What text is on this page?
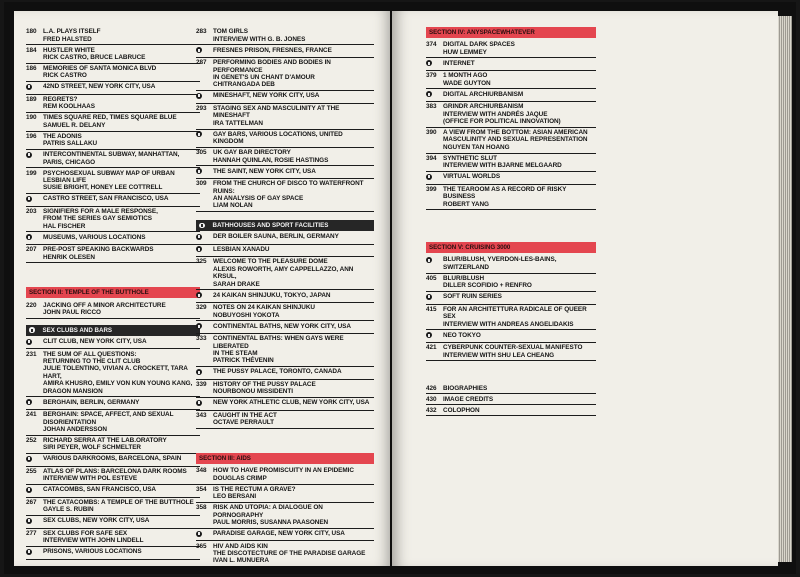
180	L.A. PLAYS ITSELF
FRED HALSTED
184	HUSTLER WHITE
RICK CASTRO, BRUCE LABRUCE
186	MEMORIES OF SANTA MONICA BLVD
RICK CASTRO
42ND STREET, NEW YORK CITY, USA
189	REGRETS?
REM KOOLHAAS
190	TIMES SQUARE RED, TIMES SQUARE BLUE
SAMUEL R. DELANY
196	THE ADONIS
PATRIS SALLAKU
INTERCONTINENTAL SUBWAY, MANHATTAN, PARIS, CHICAGO
199	PSYCHOSEXUAL SUBWAY MAP OF URBAN LESBIAN LIFE
SUSIE BRIGHT, HONEY LEE COTTRELL
CASTRO STREET, SAN FRANCISCO, USA
203	SIGNIFIERS FOR A MALE RESPONSE,
FROM THE SERIES GAY SEMIOTICS
HAL FISCHER
MUSEUMS, VARIOUS LOCATIONS
207	PRE-POST SPEAKING BACKWARDS
HENRIK OLESEN
SECTION II: TEMPLE OF THE BUTTHOLE
220	JACKING OFF A MINOR ARCHITECTURE
JOHN PAUL RICCO
SEX CLUBS AND BARS
CLIT CLUB, NEW YORK CITY, USA
231	THE SUM OF ALL QUESTIONS:
RETURNING TO THE CLIT CLUB
JULIE TOLENTINO, VIVIAN A. CROCKETT, TARA HART,
AMIRA KHUSRO, EMILY VON KUN YOUNG KANG,
DRAGON MANSION
BERGHAIN, BERLIN, GERMANY
241	BERGHAIN: SPACE, AFFECT, AND SEXUAL DISORIENTATION
JOHAN ANDERSSON
252	RICHARD SERRA AT THE LAB.ORATORY
SIRI PEYER, WOLF SCHMELTER
VARIOUS DARKROOMS, BARCELONA, SPAIN
255	ATLAS OF PLANS: BARCELONA DARK ROOMS
INTERVIEW WITH POL ESTEVE
CATACOMBS, SAN FRANCISCO, USA
267	THE CATACOMBS: A TEMPLE OF THE BUTTHOLE
GAYLE S. RUBIN
SEX CLUBS, NEW YORK CITY, USA
277	SEX CLUBS FOR SAFE SEX
INTERVIEW WITH JOHN LINDELL
PRISONS, VARIOUS LOCATIONS
283	TOM GIRLS
INTERVIEW WITH G. B. JONES
FRESNES PRISON, FRESNES, FRANCE
287	PERFORMING BODIES AND BODIES IN PERFORMANCE
IN GENET'S UN CHANT D'AMOUR
CHITRANGADA DEB
MINESHAFT, NEW YORK CITY, USA
293	STAGING SEX AND MASCULINITY AT THE MINESHAFT
IRA TATTELMAN
GAY BARS, VARIOUS LOCATIONS, UNITED KINGDOM
305	UK GAY BAR DIRECTORY
HANNAH QUINLAN, ROSIE HASTINGS
THE SAINT, NEW YORK CITY, USA
309	FROM THE CHURCH OF DISCO TO WATERFRONT RUINS:
AN ANALYSIS OF GAY SPACE
LIAM NOLAN
BATHHOUSES AND SPORT FACILITIES
DER BOILER SAUNA, BERLIN, GERMANY
LESBIAN XANADU
325	WELCOME TO THE PLEASURE DOME
ALEXIS ROWORTH, AMY CAPPELLAZZO, ANN KRSUL,
SARAH DRAKE
24 KAIKAN SHINJUKU, TOKYO, JAPAN
329	NOTES ON 24 KAIKAN SHINJUKU
NOBUYOSHI YOKOTA
CONTINENTAL BATHS, NEW YORK CITY, USA
333	CONTINENTAL BATHS: WHEN GAYS WERE LIBERATED
IN THE STEAM
PATRICK THÉVENIN
THE PUSSY PALACE, TORONTO, CANADA
339	HISTORY OF THE PUSSY PALACE
NOURBONOU MISSIDENTI
NEW YORK ATHLETIC CLUB, NEW YORK CITY, USA
343	CAUGHT IN THE ACT
OCTAVE PERRAULT
SECTION III: AIDS
348	HOW TO HAVE PROMISCUITY IN AN EPIDEMIC
DOUGLAS CRIMP
354	IS THE RECTUM A GRAVE?
LEO BERSANI
358	RISK AND UTOPIA: A DIALOGUE ON PORNOGRAPHY
PAUL MORRIS, SUSANNA PAASONEN
PARADISE GARAGE, NEW YORK CITY, USA
365	HIV AND AIDS KIN
THE DISCOTECTURE OF THE PARADISE GARAGE
IVAN L. MUNUERA
SECTION IV: ANYSPACEWHATEVER
374	DIGITAL DARK SPACES
HUW LEMMEY
INTERNET
379	1 MONTH AGO
WADE GUYTON
DIGITAL ARCHIURBANISM
383	GRINDR ARCHIURBANISM
INTERVIEW WITH ANDRÉS JAQUE
(OFFICE FOR POLITICAL INNOVATION)
390	A VIEW FROM THE BOTTOM: ASIAN AMERICAN
MASCULINITY AND SEXUAL REPRESENTATION
NGUYEN TAN HOANG
394	SYNTHETIC SLUT
INTERVIEW WITH BJARNE MELGAARD
VIRTUAL WORLDS
399	THE TEAROOM AS A RECORD OF RISKY BUSINESS
ROBERT YANG
SECTION V: CRUISING 3000
BLUR/BLUSH, YVERDON-LES-BAINS, SWITZERLAND
405	BLUR/BLUSH
DILLER SCOFIDIO + RENFRO
SOFT RUIN SERIES
415	FOR AN ARCHITETTURA RADICALE OF QUEER SEX
INTERVIEW WITH ANDREAS ANGELIDAKIS
NEO TOKYO
421	CYBERPUNK COUNTER-SEXUAL MANIFESTO
INTERVIEW WITH SHU LEA CHEANG
426	BIOGRAPHIES
430	IMAGE CREDITS
432	COLOPHON
